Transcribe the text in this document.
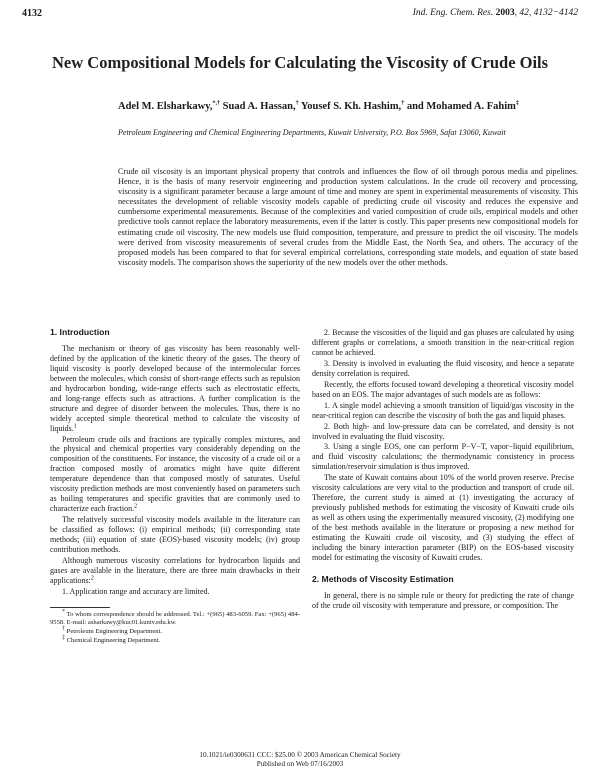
4132	Ind. Eng. Chem. Res. 2003, 42, 4132−4142
New Compositional Models for Calculating the Viscosity of Crude Oils
Adel M. Elsharkawy,*,† Suad A. Hassan,† Yousef S. Kh. Hashim,† and Mohamed A. Fahim‡
Petroleum Engineering and Chemical Engineering Departments, Kuwait University, P.O. Box 5969, Safat 13060, Kuwait
Crude oil viscosity is an important physical property that controls and influences the flow of oil through porous media and pipelines. Hence, it is the basis of many reservoir engineering and production system calculations. In the crude oil recovery and processing, viscosity is a significant parameter because a large amount of time and money are spent in experimental measurements of viscosity. This necessitates the development of reliable viscosity models capable of predicting crude oil viscosity and reduces the expensive and cumbersome experimental measurements. Because of the complexities and varied composition of crude oils, empirical models and other predictive tools cannot replace the laboratory measurements, even if the latter is costly. This paper presents new compositional models for estimating crude oil viscosity. The new models use fluid composition, temperature, and pressure to predict the oil viscosity. The models were derived from viscosity measurements of several crudes from the Middle East, the North Sea, and others. The accuracy of the proposed models has been compared to that for several empirical correlations, corresponding state models, and equation of state based viscosity models. The comparison shows the superiority of the new models over the other methods.
1. Introduction

The mechanism or theory of gas viscosity has been reasonably well-defined by the application of the kinetic theory of the gases. The theory of liquid viscosity is poorly developed because of the intermolecular forces between the molecules, which consist of short-range effects such as repulsion and hydrocarbon bonding, wide-range effects such as electrostatic effects, and long-range effects such as attractions. A further complication is the structure and degree of disorder between the molecules. Thus, there is no widely accepted simple theoretical method to calculate the viscosity of liquids.$^1$

Petroleum crude oils and fractions are typically complex mixtures, and the physical and chemical properties vary considerably depending on the composition of the constituents. For instance, the viscosity of a crude oil or a fraction composed mostly of aromatics might have quite different temperature dependence than that composed mostly of saturates. Useful viscosity prediction methods are most conveniently based on parameters such as boiling temperatures and specific gravities that are commonly used to characterize each fraction.$^2$

The relatively successful viscosity models available in the literature can be classified as follows: (i) empirical methods; (ii) corresponding state methods; (iii) equation of state (EOS)-based viscosity models; (iv) group contribution methods.

Although numerous viscosity correlations for hydrocarbon liquids and gases are available in the literature, there are three main drawbacks in their applications:$^2$

1. Application range and accuracy are limited.

* To whom correspondence should be addressed. Tel.: +(965) 483-6059. Fax: +(965) 484-9558. E-mail: asharkawy@kuc01.kuniv.edu.kw.

† Petroleum Engineering Department.

‡ Chemical Engineering Department.

2. Because the viscosities of the liquid and gas phases are calculated by using different graphs or correlations, a smooth transition in the near-critical region cannot be achieved.

3. Density is involved in evaluating the fluid viscosity, and hence a separate density correlation is required.

Recently, the efforts focused toward developing a theoretical viscosity model based on an EOS. The major advantages of such models are as follows:

1. A single model achieving a smooth transition of liquid/gas viscosity in the near-critical region can describe the viscosity of both the gas and liquid phases.

2. Both high- and low-pressure data can be correlated, and density is not involved in evaluating the fluid viscosity.

3. Using a single EOS, one can perform P−V−T, vapor−liquid equilibrium, and fluid viscosity calculations; the thermodynamic consistency in process simulation/reservoir simulation is thus improved.

The state of Kuwait contains about 10% of the world proven reserve. Precise viscosity calculations are very vital to the production and transport of crude oil. Therefore, the current study is aimed at (1) investigating the accuracy of previously published methods for estimating the viscosity of Kuwaiti crude oils as well as others using the experimentally measured viscosity, (2) modifying one of the best methods available in the literature or proposing a new method for estimating the Kuwaiti crude oil viscosity, and (3) studying the effect of including the binary interaction parameter (BIP) on the EOS-based viscosity model for estimating the viscosity of Kuwaiti crudes.

2. Methods of Viscosity Estimation

In general, there is no simple rule or theory for predicting the rate of change of the crude oil viscosity with temperature and pressure, or composition. The

10.1021/ie0300631 CCC: $25.00 © 2003 American Chemical Society
Published on Web 07/16/2003
